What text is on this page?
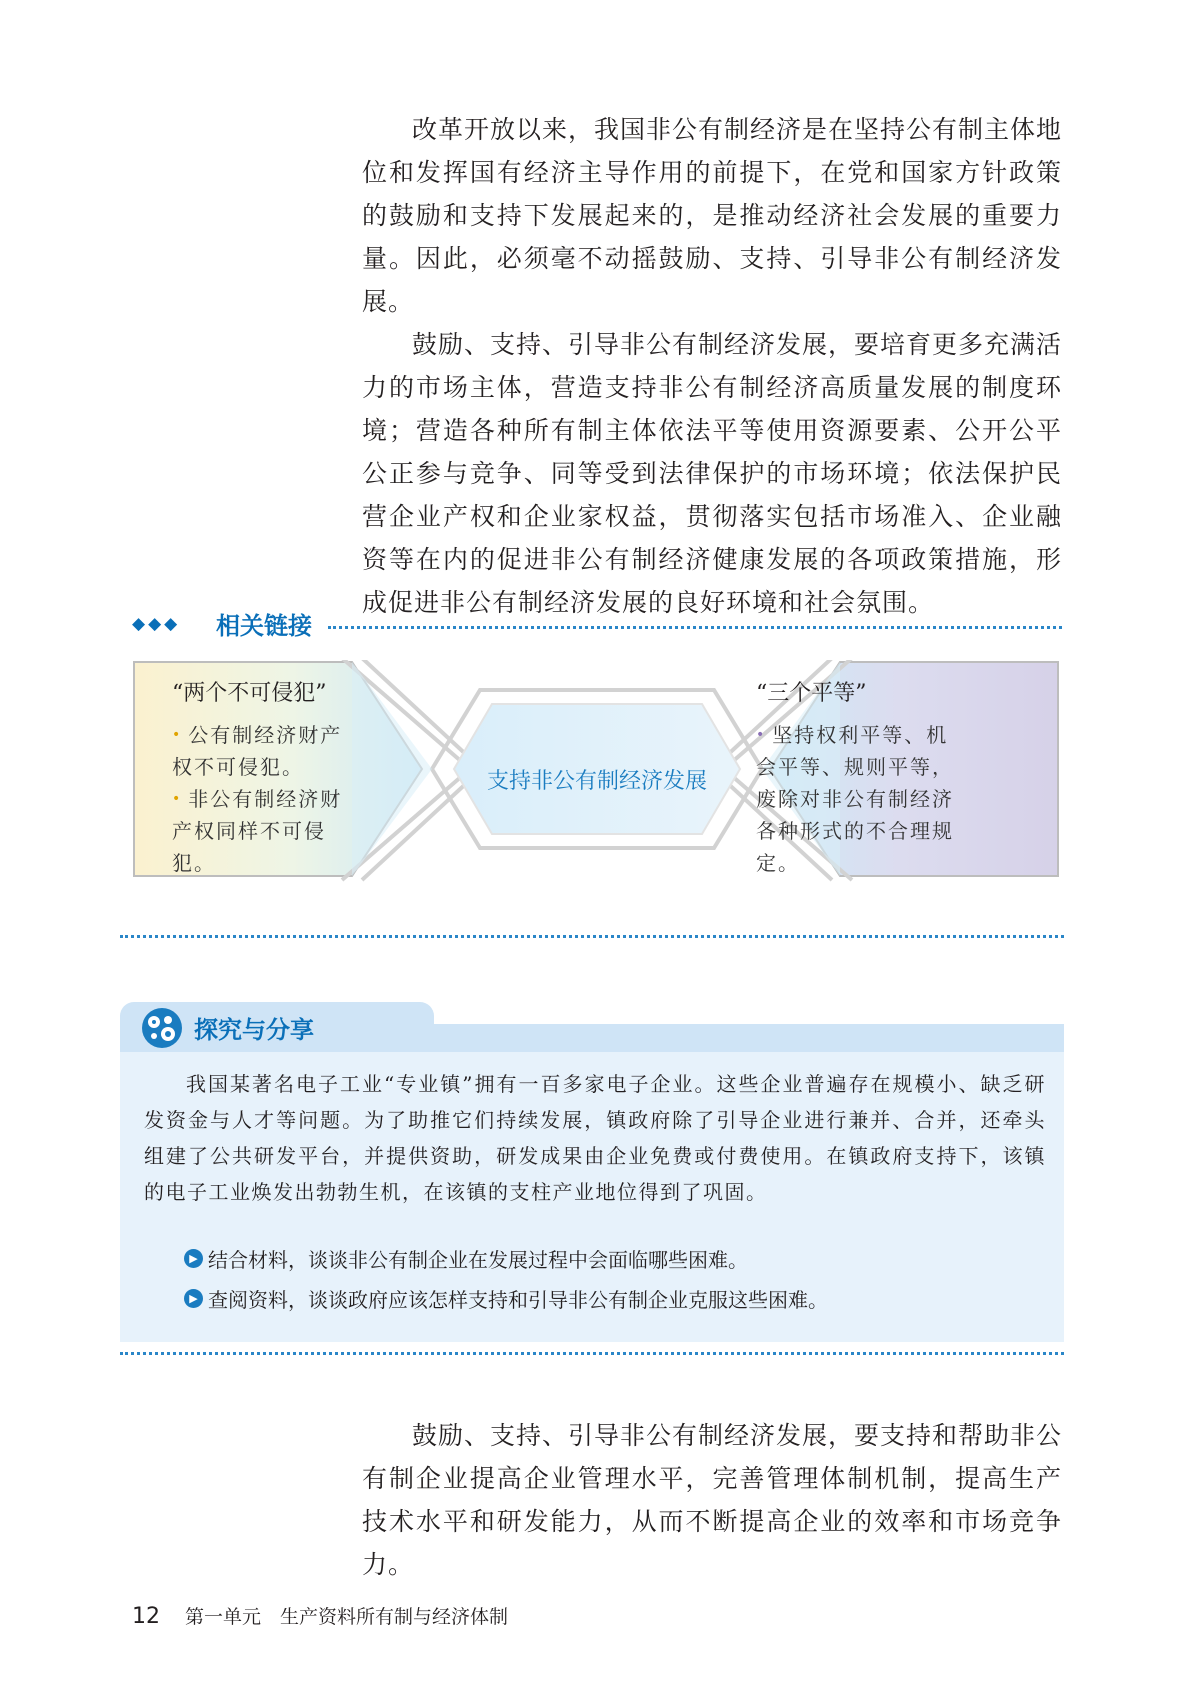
改革开放以来，我国非公有制经济是在坚持公有制主体地位和发挥国有经济主导作用的前提下，在党和国家方针政策的鼓励和支持下发展起来的，是推动经济社会发展的重要力量。因此，必须毫不动摇鼓励、支持、引导非公有制经济发展。

鼓励、支持、引导非公有制经济发展，要培育更多充满活力的市场主体，营造支持非公有制经济高质量发展的制度环境；营造各种所有制主体依法平等使用资源要素、公开公平公正参与竞争、同等受到法律保护的市场环境；依法保护民营企业产权和企业家权益，贯彻落实包括市场准入、企业融资等在内的促进非公有制经济健康发展的各项政策措施，形成促进非公有制经济发展的良好环境和社会氛围。

◆◆◆ 相关链接
“两个不可侵犯”
• 公有制经济财产权不可侵犯。
• 非公有制经济财产权同样不可侵犯。
支持非公有制经济发展
“三个平等”
• 坚持权利平等、机会平等、规则平等，废除对非公有制经济各种形式的不合理规定。
探究与分享

我国某著名电子工业“专业镇”拥有一百多家电子企业。这些企业普遍存在规模小、缺乏研发资金与人才等问题。为了助推它们持续发展，镇政府除了引导企业进行兼并、合并，还牵头组建了公共研发平台，并提供资助，研发成果由企业免费或付费使用。在镇政府支持下，该镇的电子工业焕发出勃勃生机，在该镇的支柱产业地位得到了巩固。

▶ 结合材料，谈谈非公有制企业在发展过程中会面临哪些困难。
▶ 查阅资料，谈谈政府应该怎样支持和引导非公有制企业克服这些困难。

鼓励、支持、引导非公有制经济发展，要支持和帮助非公有制企业提高企业管理水平，完善管理体制机制，提高生产技术水平和研发能力，从而不断提高企业的效率和市场竞争力。

12 第一单元　生产资料所有制与经济体制
